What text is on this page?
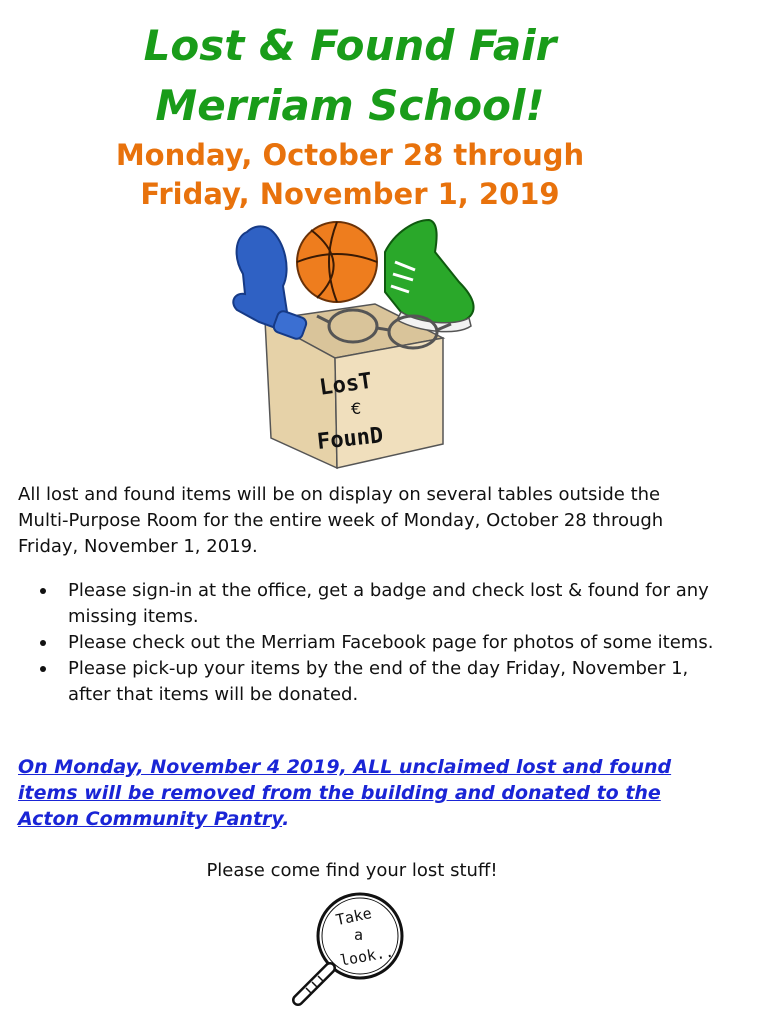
Lost & Found Fair
Merriam School!
Monday, October 28 through
Friday, November 1, 2019
LosT
€
FounD

All lost and found items will be on display on several tables outside the Multi-Purpose Room for the entire week of Monday, October 28 through Friday, November 1, 2019.

Please sign-in at the office, get a badge and check lost & found for any missing items.
Please check out the Merriam Facebook page for photos of some items.
Please pick-up your items by the end of the day Friday, November 1, after that items will be donated.

On Monday, November 4 2019, ALL unclaimed lost and found items will be removed from the building and donated to the Acton Community Pantry.

Please come find your lost stuff!

Take
a
look..
